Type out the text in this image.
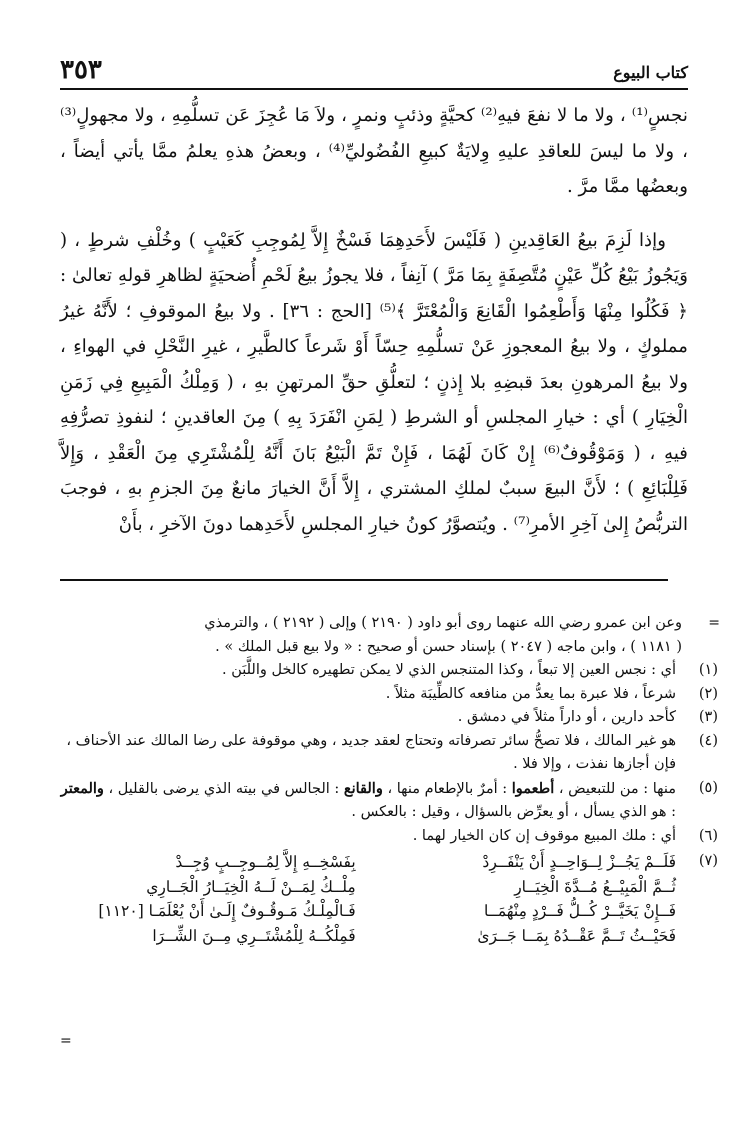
كتاب البيوع
٣٥٣

نجسٍ⁽¹⁾ ، ولا ما لا نفعَ فيهِ⁽²⁾ كحيَّةٍ وذئبٍ ونمرٍ ، ولاَ مَا عُجِزَ عَن تسلُّمِهِ ، ولا مجهولٍ⁽³⁾ ، ولا ما ليسَ للعاقدِ عليهِ وِلايَةٌ كبيعِ الفُضُوليِّ⁽⁴⁾ ، وبعضُ هذهِ يعلمُ ممَّا يأتي أيضاً ، وبعضُها ممَّا مرَّ .

وإذا لَزِمَ بيعُ العَاقِدينِ ( فَلَيْسَ لأَحَدِهِمَا فَسْخٌ إِلاَّ لِمُوجِبِ كَعَيْبٍ ) وخُلْفِ شرطٍ ، ( وَيَجُوزُ بَيْعُ كُلِّ عَيْنٍ مُتَّصِفَةٍ بِمَا مَرَّ ) آنِفاً ، فلا يجوزُ بيعُ لَحْمِ أُضحيَةٍ لظاهرِ قولهِ تعالىٰ : ﴿ فَكُلُوا مِنْهَا وَأَطْعِمُوا الْقَانِعَ وَالْمُعْتَرَّ ﴾⁽⁵⁾ [الحج : ٣٦] . ولا بيعُ الموقوفِ ؛ لأَنَّهُ غيرُ مملوكٍ ، ولا بيعُ المعجوزِ عَنْ تسلُّمِهِ حِسّاً أَوْ شَرعاً كالطَّيرِ ، غيرِ النَّحْلِ في الهواءِ ، ولا بيعُ المرهونِ بعدَ قبضِهِ بلا إِذنٍ ؛ لتعلُّقِ حقِّ المرتهنِ بهِ ، ( وَمِلْكُ الْمَبِيعِ فِي زَمَنِ الْخِيَارِ ) أي : خيارِ المجلسِ أو الشرطِ ( لِمَنِ انْفَرَدَ بِهِ ) مِنَ العاقدينِ ؛ لنفوذِ تصرُّفِهِ فيهِ ، ( وَمَوْقُوفٌ⁽⁶⁾ إِنْ كَانَ لَهُمَا ، فَإِنْ تَمَّ الْبَيْعُ بَانَ أَنَّهُ لِلْمُشْتَرِي مِنَ الْعَقْدِ ، وَإِلاَّ فَلِلْبَائِعِ ) ؛ لأَنَّ البيعَ سببٌ لملكِ المشتري ، إِلاَّ أَنَّ الخيارَ مانعٌ مِنَ الجزمِ بهِ ، فوجبَ التربُّصُ إِلىٰ آخِرِ الأمرِ⁽⁷⁾ . ويُتصوَّرُ كونُ خيارِ المجلسِ لأَحَدِهما دونَ الآخرِ ، بأَنْ

=
وعن ابن عمرو رضي الله عنهما روى أبو داود ( ٢١٩٠ ) وإلى ( ٢١٩٢ ) ، والترمذي
( ١١٨١ ) ، وابن ماجه ( ٢٠٤٧ ) بإسناد حسن أو صحيح : « ولا بيع قبل الملك » .
(١)
أي : نجس العين إلا تبعاً ، وكذا المتنجس الذي لا يمكن تطهيره كالخل واللَّبَن .
(٢)
شرعاً ، فلا عبرة بما يعدُّ من منافعه كالطِّيبَة مثلاً .
(٣)
كأحد دارين ، أو داراً مثلاً في دمشق .
(٤)
هو غير المالك ، فلا تصحُّ سائر تصرفاته وتحتاج لعقد جديد ، وهي موقوفة على رضا المالك عند الأحناف ، فإن أجازها نفذت ، وإلا فلا .
(٥)
منها : من للتبعيض ، أطعموا : أمرٌ بالإطعام منها ، والقانع : الجالس في بيته الذي يرضى بالقليل ، والمعتر : هو الذي يسأل ، أو يعرِّض بالسؤال ، وقيل : بالعكس .
(٦)
أي : ملك المبيع موقوف إن كان الخيار لهما .
(٧)
فَلَــمْ يَجُــزْ لِــوَاحِــدٍ أَنْ يَنْفَــرِدْ
بِفَسْخِــهِ إِلاَّ لِمُــوجِــبٍ وُجِــدْ
ثُــمَّ الْمَبِيْــعُ مُــدَّةَ الْخِيَــارِ
مِلْــكُ لِمَــنْ لَــهُ الْخِيَــارُ الْجَــارِي
فَــإِنْ يَخَيَّــرْ كُــلُّ فَــرْدٍ مِنْهُمَــا
فَـالْمِلْـكُ مَـوقُـوفٌ إِلَـىٰ أَنْ يُعْلَمَـا [١١٢٠]
فَحَيْــثُ تَــمَّ عَقْــدُهُ بِمَــا جَــرَىٰ
فَمِلْكُــهُ لِلْمُشْتَــرِي مِــنَ الشِّــرَا
=
